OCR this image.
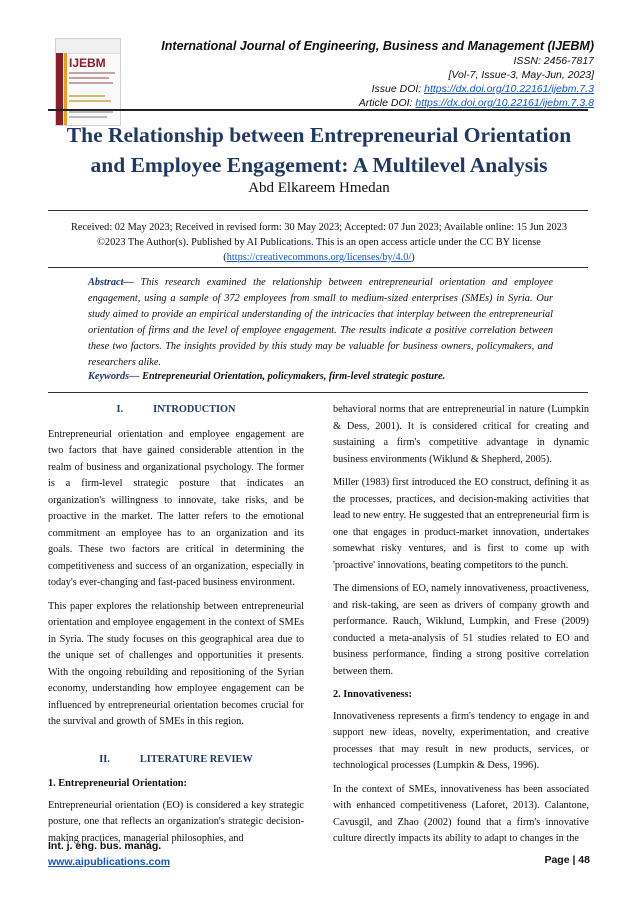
IJEBM
International Journal of Engineering, Business and Management (IJEBM)
ISSN: 2456-7817
[Vol-7, Issue-3, May-Jun, 2023]
Issue DOI: https://dx.doi.org/10.22161/ijebm.7.3
Article DOI: https://dx.doi.org/10.22161/ijebm.7.3.8
The Relationship between Entrepreneurial Orientation
and Employee Engagement: A Multilevel Analysis
Abd Elkareem Hmedan
Received: 02 May 2023; Received in revised form: 30 May 2023; Accepted: 07 Jun 2023; Available online: 15 Jun 2023
©2023 The Author(s). Published by AI Publications. This is an open access article under the CC BY license
(https://creativecommons.org/licenses/by/4.0/)
Abstract— This research examined the relationship between entrepreneurial orientation and employee engagement, using a sample of 372 employees from small to medium-sized enterprises (SMEs) in Syria. Our study aimed to provide an empirical understanding of the intricacies that interplay between the entrepreneurial orientation of firms and the level of employee engagement. The results indicate a positive correlation between these two factors. The insights provided by this study may be valuable for business owners, policymakers, and researchers alike.
Keywords— Entrepreneurial Orientation, policymakers, firm-level strategic posture.
I.	INTRODUCTION

Entrepreneurial orientation and employee engagement are two factors that have gained considerable attention in the realm of business and organizational psychology. The former is a firm-level strategic posture that indicates an organization's willingness to innovate, take risks, and be proactive in the market. The latter refers to the emotional commitment an employee has to an organization and its goals. These two factors are critical in determining the competitiveness and success of an organization, especially in today's ever-changing and fast-paced business environment.

This paper explores the relationship between entrepreneurial orientation and employee engagement in the context of SMEs in Syria. The study focuses on this geographical area due to the unique set of challenges and opportunities it presents. With the ongoing rebuilding and repositioning of the Syrian economy, understanding how employee engagement can be influenced by entrepreneurial orientation becomes crucial for the survival and growth of SMEs in this region.

II.	LITERATURE REVIEW
1. Entrepreneurial Orientation:

Entrepreneurial orientation (EO) is considered a key strategic posture, one that reflects an organization's strategic decision-making practices, managerial philosophies, and

behavioral norms that are entrepreneurial in nature (Lumpkin & Dess, 2001). It is considered critical for creating and sustaining a firm's competitive advantage in dynamic business environments (Wiklund & Shepherd, 2005).

Miller (1983) first introduced the EO construct, defining it as the processes, practices, and decision-making activities that lead to new entry. He suggested that an entrepreneurial firm is one that engages in product-market innovation, undertakes somewhat risky ventures, and is first to come up with 'proactive' innovations, beating competitors to the punch.

The dimensions of EO, namely innovativeness, proactiveness, and risk-taking, are seen as drivers of company growth and performance. Rauch, Wiklund, Lumpkin, and Frese (2009) conducted a meta-analysis of 51 studies related to EO and business performance, finding a strong positive correlation between them.

2. Innovativeness:

Innovativeness represents a firm's tendency to engage in and support new ideas, novelty, experimentation, and creative processes that may result in new products, services, or technological processes (Lumpkin & Dess, 1996).

In the context of SMEs, innovativeness has been associated with enhanced competitiveness (Laforet, 2013). Calantone, Cavusgil, and Zhao (2002) found that a firm's innovative culture directly impacts its ability to adapt to changes in the

Int. j. eng. bus. manag.
www.aipublications.com	Page | 48
